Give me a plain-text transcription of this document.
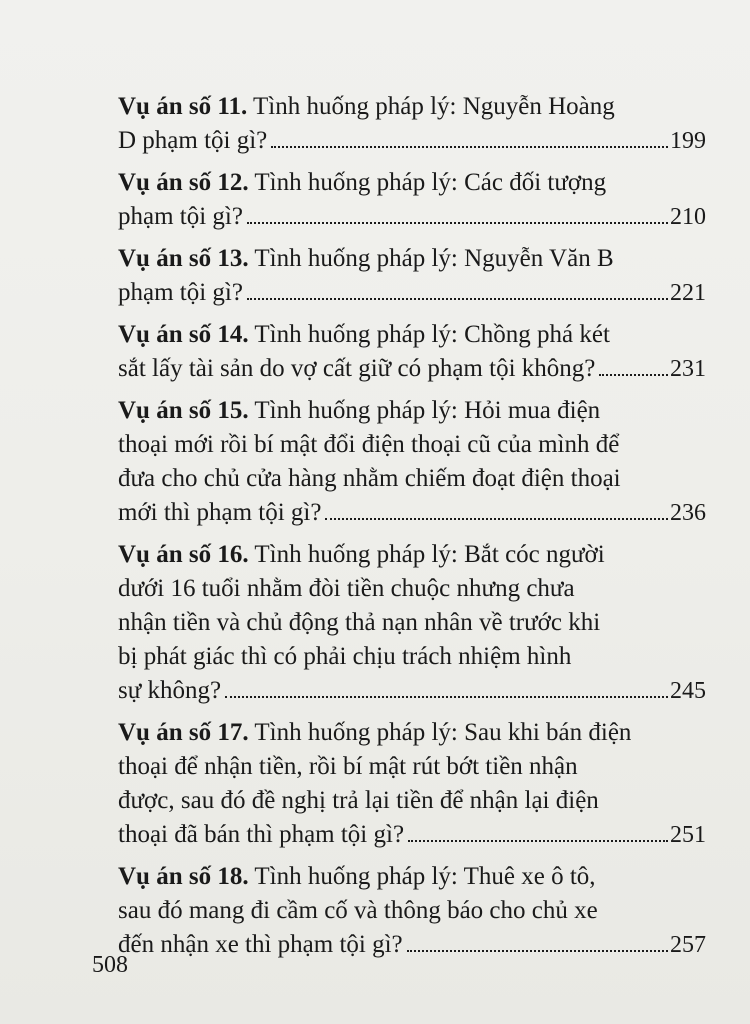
Vụ án số 11. Tình huống pháp lý: Nguyễn Hoàng
D phạm tội gì?	199
Vụ án số 12. Tình huống pháp lý: Các đối tượng
phạm tội gì?	210
Vụ án số 13. Tình huống pháp lý: Nguyễn Văn B
phạm tội gì?	221
Vụ án số 14. Tình huống pháp lý: Chồng phá két
sắt lấy tài sản do vợ cất giữ có phạm tội không?	231
Vụ án số 15. Tình huống pháp lý: Hỏi mua điện
thoại mới rồi bí mật đổi điện thoại cũ của mình để
đưa cho chủ cửa hàng nhằm chiếm đoạt điện thoại
mới thì phạm tội gì?	236
Vụ án số 16. Tình huống pháp lý: Bắt cóc người
dưới 16 tuổi nhằm đòi tiền chuộc nhưng chưa
nhận tiền và chủ động thả nạn nhân về trước khi
bị phát giác thì có phải chịu trách nhiệm hình
sự không?	245
Vụ án số 17. Tình huống pháp lý: Sau khi bán điện
thoại để nhận tiền, rồi bí mật rút bớt tiền nhận
được, sau đó đề nghị trả lại tiền để nhận lại điện
thoại đã bán thì phạm tội gì?	251
Vụ án số 18. Tình huống pháp lý: Thuê xe ô tô,
sau đó mang đi cầm cố và thông báo cho chủ xe
đến nhận xe thì phạm tội gì?	257
508
